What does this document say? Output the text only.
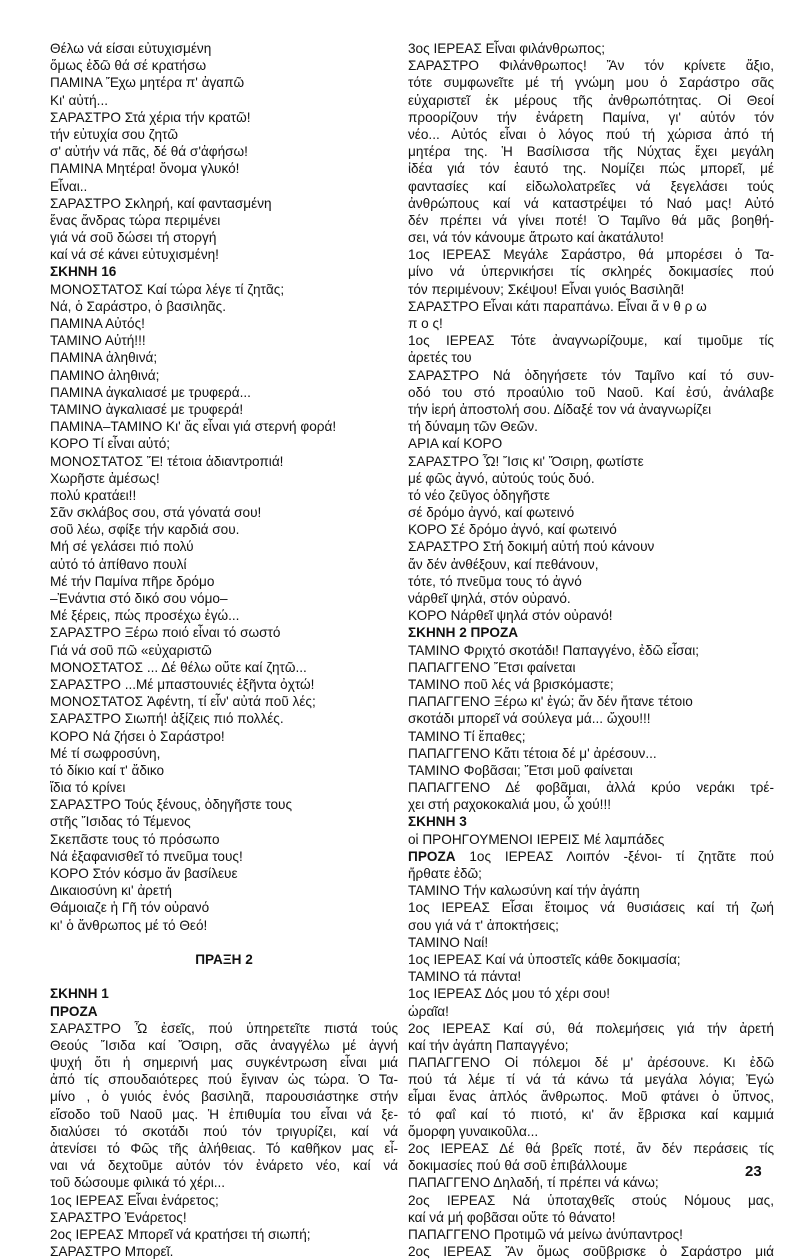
Θέλω νά είσαι εὐτυχισμένη
ὅμως ἐδῶ θά σέ κρατήσω
ΠΑΜΙΝΑ Ἔχω μητέρα π' ἀγαπῶ
Κι' αὐτή...
ΣΑΡΑΣΤΡΟ Στά χέρια τήν κρατῶ!
τήν εὐτυχία σου ζητῶ
σ' αὐτήν νά πᾶς, δέ θά σ'ἀφήσω!
ΠΑΜΙΝΑ Μητέρα! ὄνομα γλυκό!
Εἶναι..
ΣΑΡΑΣΤΡΟ Σκληρή, καί φαντασμένη
ἕνας ἄνδρας τώρα περιμένει
γιά νά σοῦ δώσει τή στοργή
καί νά σέ κάνει εὐτυχισμένη!
ΣΚΗΝΗ 16
ΜΟΝΟΣΤΑΤΟΣ Καί τώρα λέγε τί ζητᾶς;
Νά, ὁ Σαράστρο, ὁ βασιληᾶς.
ΠΑΜΙΝΑ Αὐτός!
ΤΑΜΙΝΟ Αὐτή!!!
ΠΑΜΙΝΑ ἀληθινά;
ΠΑΜΙΝΟ ἀληθινά;
ΠΑΜΙΝΑ ἀγκαλιασέ με τρυφερά...
ΤΑΜΙΝΟ ἀγκαλιασέ με τρυφερά!
ΠΑΜΙΝΑ–ΤΑΜΙΝΟ Κι' ἄς εἶναι γιά στερνή φορά!
ΚΟΡΟ Τί εἶναι αὐτό;
ΜΟΝΟΣΤΑΤΟΣ Ἔ! τέτοια ἀδιαντροπιά!
Χωρῆστε ἀμέσως!
πολύ κρατάει!!
Σᾶν σκλάβος σου, στά γόνατά σου!
σοῦ λέω, σφίξε τήν καρδιά σου.
Μή σέ γελάσει πιό πολύ
αὐτό τό ἀπίθανο πουλί
Μέ τήν Παμίνα πῆρε δρόμο
–Ἐνάντια στό δικό σου νόμο–
Μέ ξέρεις, πώς προσέχω ἐγώ...
ΣΑΡΑΣΤΡΟ Ξέρω ποιό εἶναι τό σωστό
Γιά νά σοῦ πῶ «εὐχαριστῶ
ΜΟΝΟΣΤΑΤΟΣ ... Δέ θέλω οὔτε καί ζητῶ...
ΣΑΡΑΣΤΡΟ ...Μέ μπαστουνιές ἑξῆντα ὀχτώ!
ΜΟΝΟΣΤΑΤΟΣ Ἀφέντη, τί εἶν' αὐτά ποῦ λές;
ΣΑΡΑΣΤΡΟ Σιωπή! ἀξίζεις πιό πολλές.
ΚΟΡΟ Νά ζήσει ὁ Σαράστρο!
Μέ τί σωφροσύνη,
τό δίκιο καί τ' ἄδικο
ἴδια τό κρίνει
ΣΑΡΑΣΤΡΟ Τούς ξένους, ὀδηγῆστε τους
στῆς Ἴσιδας τό Τέμενος
Σκεπᾶστε τους τό πρόσωπο
Νά ἐξαφανισθεῖ τό πνεῦμα τους!
ΚΟΡΟ Στόν κόσμο ἄν βασίλευε
Δικαιοσύνη κι' ἀρετή
Θάμοιαζε ἡ Γῆ τόν οὐρανό
κι' ὁ ἄνθρωπος μέ τό Θεό!
ΠΡΑΞΗ 2
ΣΚΗΝΗ 1
ΠΡΟΖΑ
ΣΑΡΑΣΤΡΟ Ὦ ἐσεῖς, πού ὑπηρετεῖτε πιστά τούς
Θεούς Ἴσιδα καί Ὄσιρη, σᾶς ἀναγγέλω μέ ἀγνή
ψυχή ὅτι ἡ σημερινή μας συγκέντρωση εἶναι μιά
ἀπό τίς σπουδαιότερες πού ἔγιναν ὡς τώρα. Ὁ Τα-
μίνο , ὁ γυιός ἑνός βασιληᾶ, παρουσιάστηκε στήν
εἴσοδο τοῦ Ναοῦ μας. Ἡ ἐπιθυμία του εἶναι νά ξε-
διαλύσει τό σκοτάδι πού τόν τριγυρίζει, καί νά
ἀτενίσει τό Φῶς τῆς ἀλήθειας. Τό καθῆκον μας εἶ-
ναι νά δεχτοῦμε αὐτόν τόν ἐνάρετο νέο, καί νά
τοῦ δώσουμε φιλικά τό χέρι...
1ος ΙΕΡΕΑΣ Εἶναι ἐνάρετος;
ΣΑΡΑΣΤΡΟ Ἐνάρετος!
2ος ΙΕΡΕΑΣ Μπορεῖ νά κρατήσει τή σιωπή;
ΣΑΡΑΣΤΡΟ Μπορεῖ.
3ος ΙΕΡΕΑΣ Εἶναι φιλάνθρωπος;
ΣΑΡΑΣΤΡΟ Φιλάνθρωπος! Ἄν τόν κρίνετε ἄξιο,
τότε συμφωνεῖτε μέ τή γνώμη μου ὁ Σαράστρο σᾶς
εὐχαριστεῖ ἐκ μέρους τῆς ἀνθρωπότητας. Οἱ Θεοί
προορίζουν τήν ἐνάρετη Παμίνα, γι' αὐτόν τόν
νέο... Αὐτός εἶναι ὁ λόγος πού τή χώρισα ἀπό τή
μητέρα της. Ἡ Βασίλισσα τῆς Νύχτας ἔχει μεγάλη
ἰδέα γιά τόν ἑαυτό της. Νομίζει πώς μπορεῖ, μέ
φαντασίες καί εἰδωλολατρεῖες νά ξεγελάσει τούς
ἀνθρώπους καί νά καταστρέψει τό Ναό μας! Αὐτό
δέν πρέπει νά γίνει ποτέ! Ὁ Ταμῖνο θά μᾶς βοηθή-
σει, νά τόν κάνουμε ἄτρωτο καί ἀκατάλυτο!
1ος ΙΕΡΕΑΣ Μεγάλε Σαράστρο, θά μπορέσει ὁ Τα-
μίνο νά ὑπερνικήσει τίς σκληρές δοκιμασίες πού
τόν περιμένουν; Σκέψου! Εἶναι γυιός Βασιληᾶ!
ΣΑΡΑΣΤΡΟ Εἶναι κάτι παραπάνω. Εἶναι ἄ ν θ ρ ω
π ο ς!
1ος ΙΕΡΕΑΣ Τότε ἀναγνωρίζουμε, καί τιμοῦμε τίς
ἀρετές του
ΣΑΡΑΣΤΡΟ Νά ὁδηγήσετε τόν Ταμῖνο καί τό συν-
οδό του στό προαύλιο τοῦ Ναοῦ. Καί ἐσύ, ἀνάλαβε
τήν ἱερή ἀποστολή σου. Δίδαξέ τον νά ἀναγνωρίζει
τή δύναμη τῶν Θεῶν.
ΑΡΙΑ καί ΚΟΡΟ
ΣΑΡΑΣΤΡΟ Ὦ! Ἴσις κι' Ὄσιρη, φωτίστε
μέ φῶς ἀγνό, αὐτούς τούς δυό.
τό νέο ζεῦγος ὁδηγῆστε
σέ δρόμο ἀγνό, καί φωτεινό
ΚΟΡΟ Σέ δρόμο ἀγνό, καί φωτεινό
ΣΑΡΑΣΤΡΟ Στή δοκιμή αὐτή πού κάνουν
ἄν δέν ἀνθέξουν, καί πεθάνουν,
τότε, τό πνεῦμα τους τό ἀγνό
νάρθεῖ ψηλά, στόν οὐρανό.
ΚΟΡΟ Νάρθεῖ ψηλά στόν οὐρανό!
ΣΚΗΝΗ 2 ΠΡΟΖΑ
ΤΑΜΙΝΟ Φριχτό σκοτάδι! Παπαγγένο, ἐδῶ εἶσαι;
ΠΑΠΑΓΓΕΝΟ Ἔτσι φαίνεται
ΤΑΜΙΝΟ ποῦ λές νά βρισκόμαστε;
ΠΑΠΑΓΓΕΝΟ Ξέρω κι' ἐγώ; ἄν δέν ἤτανε τέτοιο
σκοτάδι μπορεῖ νά σούλεγα μά... ὤχου!!!
ΤΑΜΙΝΟ Τί ἔπαθες;
ΠΑΠΑΓΓΕΝΟ Κἄτι τέτοια δέ μ' ἀρέσουν...
ΤΑΜΙΝΟ Φοβᾶσαι; Ἔτσι μοῦ φαίνεται
ΠΑΠΑΓΓΕΝΟ Δέ φοβᾶμαι, ἀλλά κρύο νεράκι τρέ-
χει στή ραχοκοκαλιά μου, ὦ χού!!!
ΣΚΗΝΗ 3
οἱ ΠΡΟΗΓΟΥΜΕΝΟΙ ΙΕΡΕΙΣ Μέ λαμπάδες
ΠΡΟΖΑ 1ος ΙΕΡΕΑΣ Λοιπόν -ξένοι- τί ζητᾶτε πού
ἤρθατε ἐδῶ;
ΤΑΜΙΝΟ Τήν καλωσύνη καί τήν ἀγάπη
1ος ΙΕΡΕΑΣ Εἶσαι ἕτοιμος νά θυσιάσεις καί τή ζωή
σου γιά νά τ' ἀποκτήσεις;
ΤΑΜΙΝΟ Ναί!
1ος ΙΕΡΕΑΣ Καί νά ὑποστεῖς κάθε δοκιμασία;
ΤΑΜΙΝΟ τά πάντα!
1ος ΙΕΡΕΑΣ Δός μου τό χέρι σου!
ὡραῖα!
2ος ΙΕΡΕΑΣ Καί σύ, θά πολεμήσεις γιά τήν ἀρετή
καί τήν ἀγάπη Παπαγγένο;
ΠΑΠΑΓΓΕΝΟ Οἱ πόλεμοι δέ μ' ἀρέσουνε. Κι ἐδῶ
πού τά λέμε τί νά τά κάνω τά μεγάλα λόγια; Ἐγώ
εἶμαι ἕνας ἁπλός ἄνθρωπος. Μοῦ φτάνει ὁ ὕπνος,
τό φαΐ καί τό πιοτό, κι' ἄν ἔβρισκα καί καμμιά
ὄμορφη γυναικοῦλα...
2ος ΙΕΡΕΑΣ Δέ θά βρεῖς ποτέ, ἄν δέν περάσεις τίς
δοκιμασίες πού θά σοῦ ἐπιβάλλουμε
ΠΑΠΑΓΓΕΝΟ Δηλαδή, τί πρέπει νά κάνω;
2ος ΙΕΡΕΑΣ Νά ὑποταχθεῖς στούς Νόμους μας,
καί νά μή φοβᾶσαι οὔτε τό θάνατο!
ΠΑΠΑΓΓΕΝΟ Προτιμῶ νά μείνω ἀνύπαντρος!
2ος ΙΕΡΕΑΣ Ἄν ὅμως σοῦβρισκε ὁ Σαράστρο μιά
23
